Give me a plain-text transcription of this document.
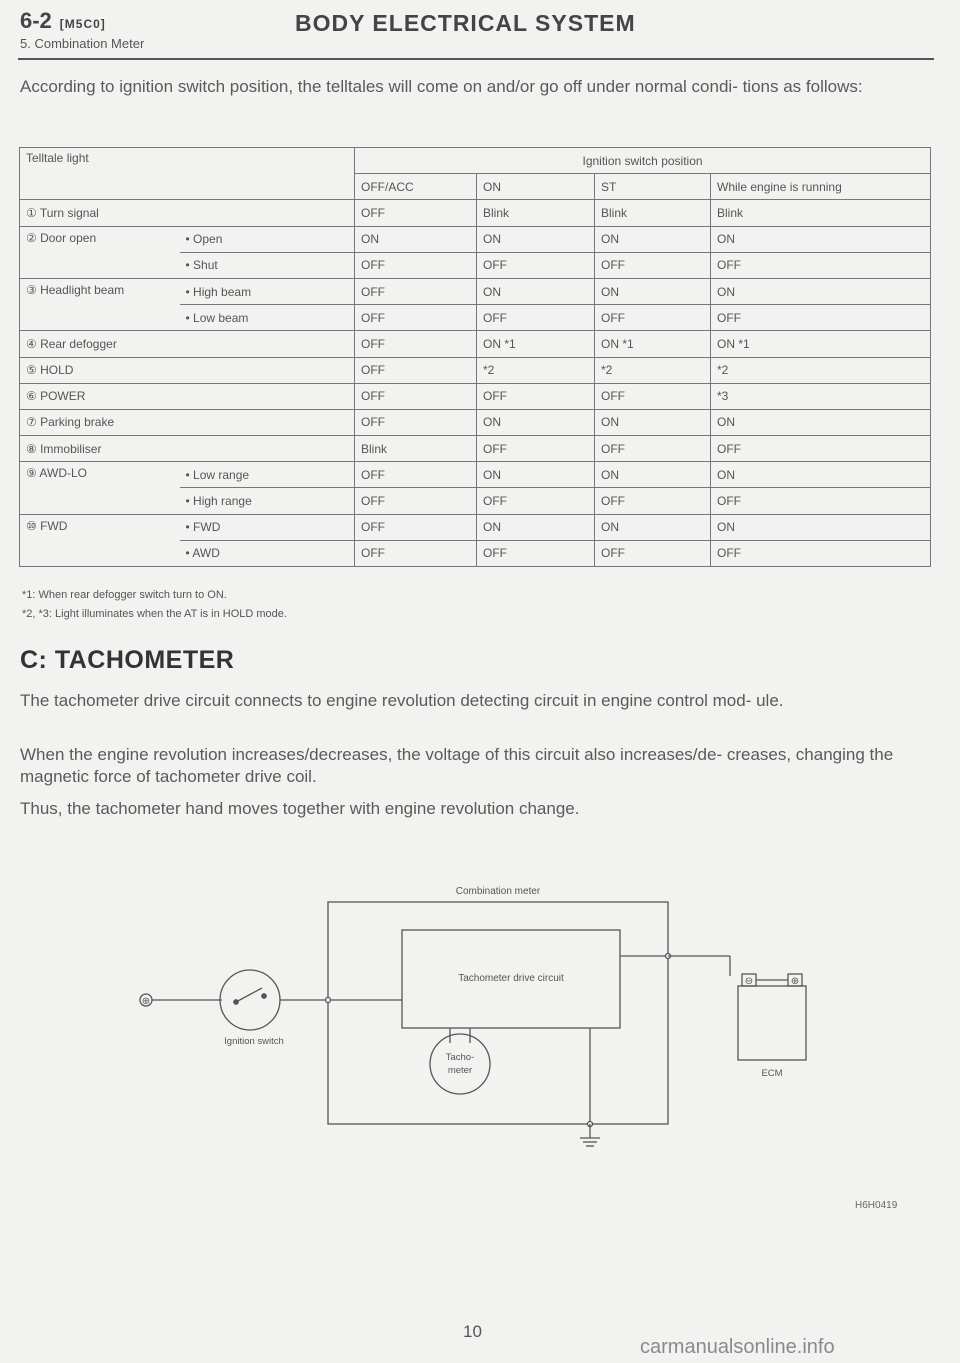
6-2 [M5C0]
5. Combination Meter
BODY ELECTRICAL SYSTEM
According to ignition switch position, the telltales will come on and/or go off under normal condi- tions as follows:
Telltale light		Ignition switch position			
		OFF/ACC	ON	ST	While engine is running
① Turn signal		OFF	Blink	Blink	Blink
② Door open	• Open	ON	ON	ON	ON
	• Shut	OFF	OFF	OFF	OFF
③ Headlight beam	• High beam	OFF	ON	ON	ON
	• Low beam	OFF	OFF	OFF	OFF
④ Rear defogger		OFF	ON *1	ON *1	ON *1
⑤ HOLD		OFF	*2	*2	*2
⑥ POWER		OFF	OFF	OFF	*3
⑦ Parking brake		OFF	ON	ON	ON
⑧ Immobiliser		Blink	OFF	OFF	OFF
⑨ AWD-LO	• Low range	OFF	ON	ON	ON
	• High range	OFF	OFF	OFF	OFF
⑩ FWD	• FWD	OFF	ON	ON	ON
	• AWD	OFF	OFF	OFF	OFF
*1: When rear defogger switch turn to ON.
*2, *3: Light illuminates when the AT is in HOLD mode.
C: TACHOMETER
The tachometer drive circuit connects to engine revolution detecting circuit in engine control mod- ule.
When the engine revolution increases/decreases, the voltage of this circuit also increases/de- creases, changing the magnetic force of tachometer drive coil.
Thus, the tachometer hand moves together with engine revolution change.
Combination meter
Tachometer drive circuit
Tacho-
meter
⊕
Ignition switch
⊖	⊕
ECM
H6H0419
10
carmanualsonline.info
